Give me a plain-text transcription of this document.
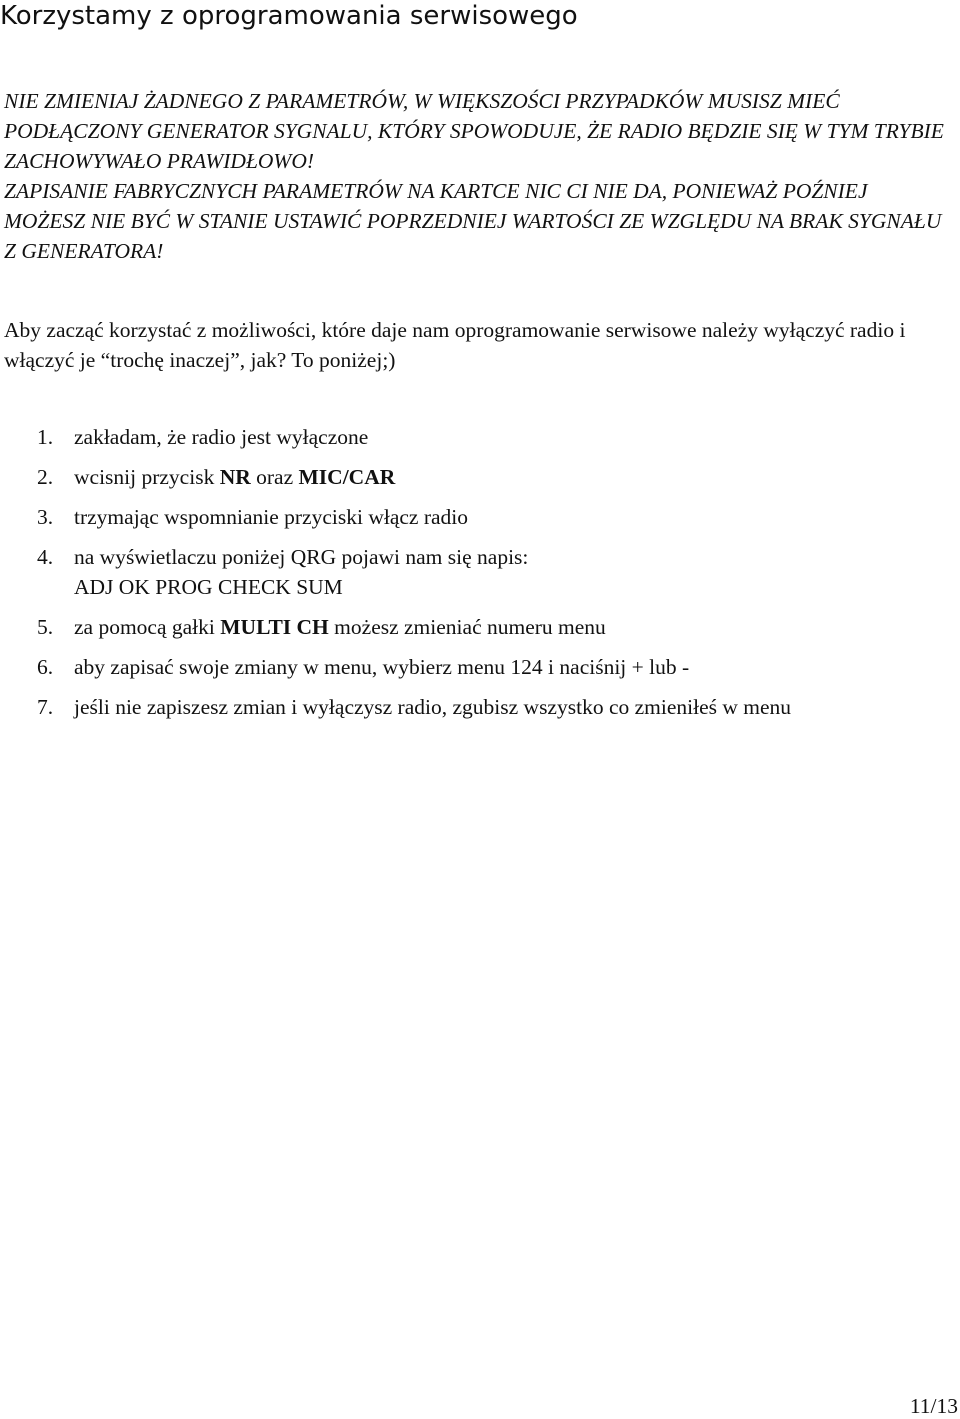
Korzystamy z oprogramowania serwisowego

NIE ZMIENIAJ ŻADNEGO Z PARAMETRÓW, W WIĘKSZOŚCI PRZYPADKÓW MUSISZ MIEĆ PODŁĄCZONY GENERATOR SYGNALU, KTÓRY SPOWODUJE, ŻE RADIO BĘDZIE SIĘ W TYM TRYBIE ZACHOWYWAŁO PRAWIDŁOWO!

ZAPISANIE FABRYCZNYCH PARAMETRÓW NA KARTCE NIC CI NIE DA, PONIEWAŻ POŹNIEJ MOŻESZ NIE BYĆ W STANIE USTAWIĆ POPRZEDNIEJ WARTOŚCI ZE WZGLĘDU NA BRAK SYGNAŁU Z GENERATORA!

Aby zacząć korzystać z możliwości, które daje nam oprogramowanie serwisowe należy wyłączyć radio i włączyć je “trochę inaczej”, jak? To poniżej;)

1. zakładam, że radio jest wyłączone
2. wcisnij przycisk NR oraz MIC/CAR
3. trzymając wspomnianie przyciski włącz radio
4. na wyświetlaczu poniżej QRG pojawi nam się napis:
ADJ OK PROG CHECK SUM
5. za pomocą gałki MULTI CH możesz zmieniać numeru menu
6. aby zapisać swoje zmiany w menu, wybierz menu 124 i naciśnij + lub -
7. jeśli nie zapiszesz zmian i wyłączysz radio, zgubisz wszystko co zmieniłeś w menu
11/13
